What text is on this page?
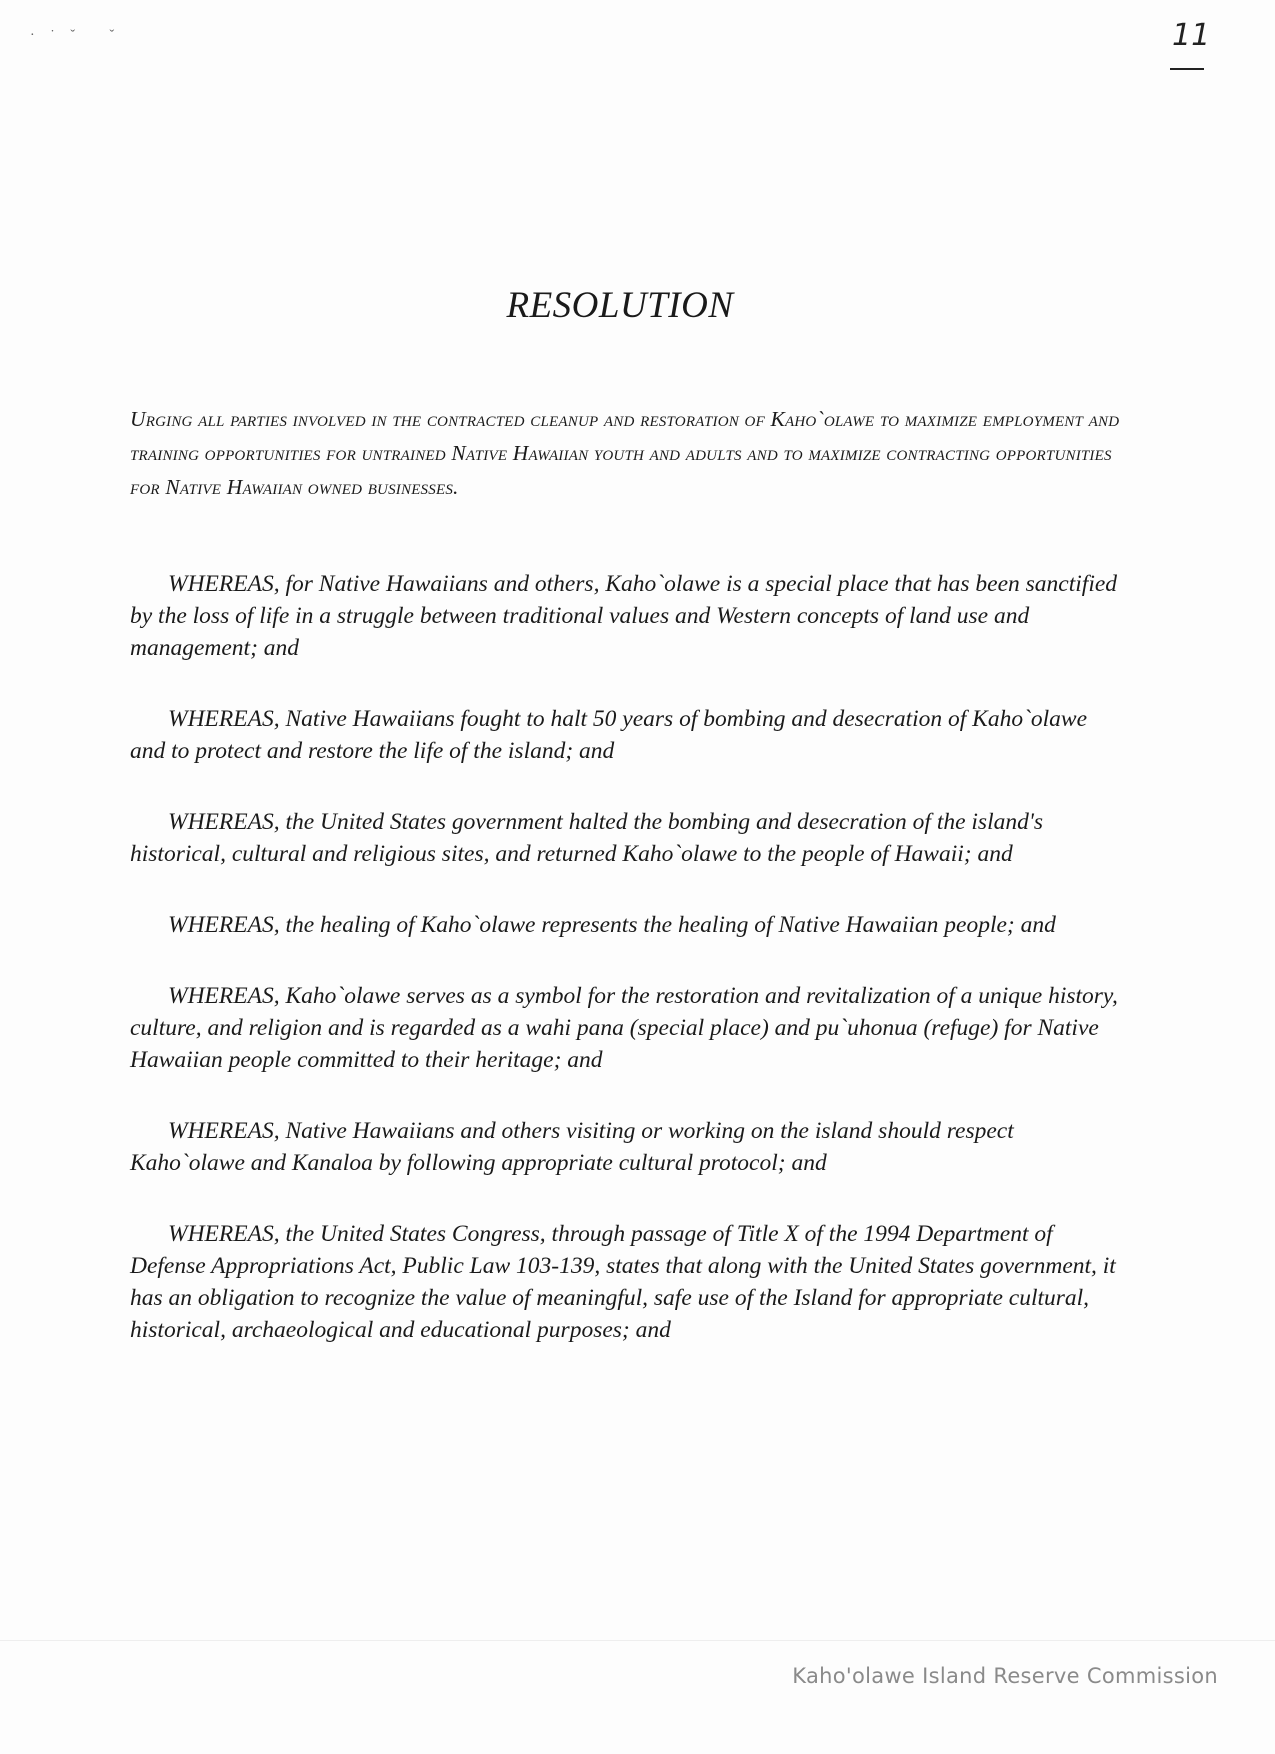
· ˙ ˇ   ˇ	11
RESOLUTION
Urging all parties involved in the contracted cleanup and restoration of Kaho`olawe to maximize employment and training opportunities for untrained Native Hawaiian youth and adults and to maximize contracting opportunities for Native Hawaiian owned businesses.

WHEREAS, for Native Hawaiians and others, Kaho`olawe is a special place that has been sanctified by the loss of life in a struggle between traditional values and Western concepts of land use and management; and

WHEREAS, Native Hawaiians fought to halt 50 years of bombing and desecration of Kaho`olawe and to protect and restore the life of the island; and

WHEREAS, the United States government halted the bombing and desecration of the island's historical, cultural and religious sites, and returned Kaho`olawe to the people of Hawaii; and

WHEREAS, the healing of Kaho`olawe represents the healing of Native Hawaiian people; and

WHEREAS, Kaho`olawe serves as a symbol for the restoration and revitalization of a unique history, culture, and religion and is regarded as a wahi pana (special place) and pu`uhonua (refuge) for Native Hawaiian people committed to their heritage; and

WHEREAS, Native Hawaiians and others visiting or working on the island should respect Kaho`olawe and Kanaloa by following appropriate cultural protocol; and

WHEREAS, the United States Congress, through passage of Title X of the 1994 Department of Defense Appropriations Act, Public Law 103-139, states that along with the United States government, it has an obligation to recognize the value of meaningful, safe use of the Island for appropriate cultural, historical, archaeological and educational purposes; and

Kaho'olawe Island Reserve Commission
